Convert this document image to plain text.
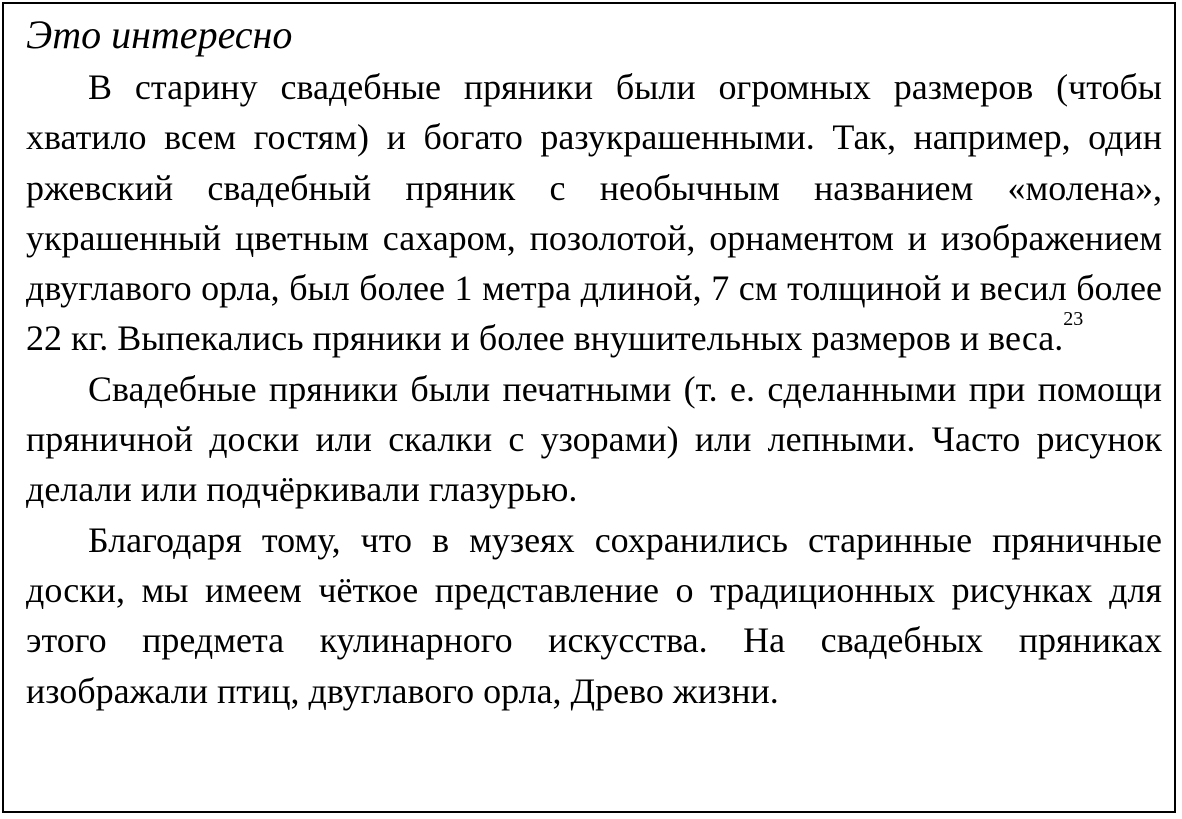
Это интересно

В старину свадебные пряники были огромных размеров (чтобы хватило всем гостям) и богато разукрашенными. Так, например, один ржевский свадебный пряник с необычным названием «молена», украшенный цветным сахаром, позолотой, орнаментом и изображением двуглавого орла, был более 1 метра длиной, 7 см толщиной и весил более 22 кг. Выпекались пряники и более внушительных размеров и веса.$^{23}$

Свадебные пряники были печатными (т. е. сделанными при помощи пряничной доски или скалки с узорами) или лепными. Часто рисунок делали или подчёркивали глазурью.

Благодаря тому, что в музеях сохранились старинные пряничные доски, мы имеем чёткое представление о традиционных рисунках для этого предмета кулинарного искусства. На свадебных пряниках изображали птиц, двуглавого орла, Древо жизни.
